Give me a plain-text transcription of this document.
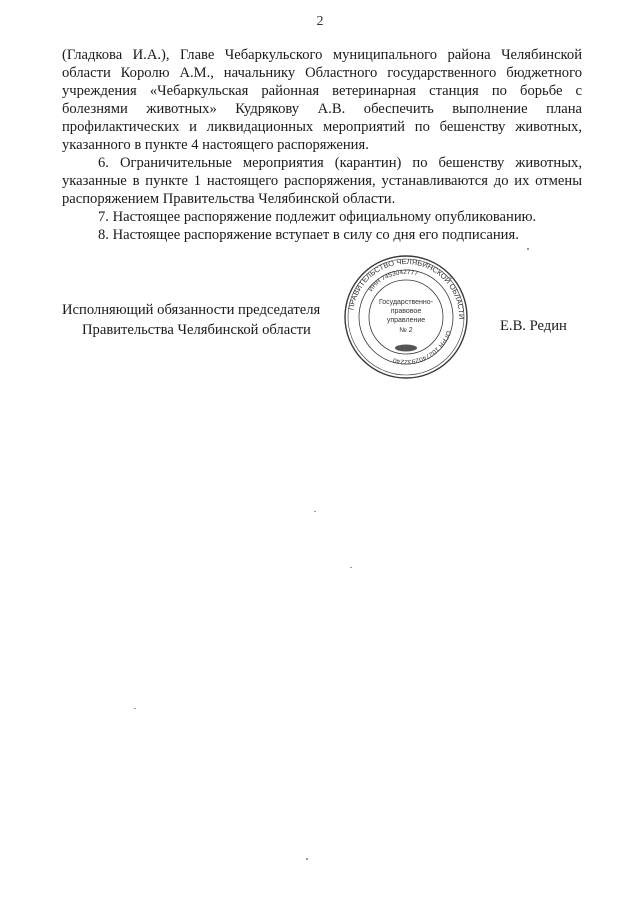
2

(Гладкова И.А.), Главе Чебаркульского муниципального района Челябинской области Королю А.М., начальнику Областного государственного бюджетного учреждения «Чебаркульская районная ветеринарная станция по борьбе с болезнями животных» Кудрякову А.В. обеспечить выполнение плана профилактических и ликвидационных мероприятий по бешенству животных, указанного в пункте 4 настоящего распоряжения.

6. Ограничительные мероприятия (карантин) по бешенству животных, указанные в пункте 1 настоящего распоряжения, устанавливаются до их отмены распоряжением Правительства Челябинской области.

7. Настоящее распоряжение подлежит официальному опубликованию.

8. Настоящее распоряжение вступает в силу со дня его подписания.

Исполняющий обязанности председателя
Правительства Челябинской области	Е.В. Редин
ПРАВИТЕЛЬСТВО ЧЕЛЯБИНСКОЙ ОБЛАСТИ
ОГРН 1027402932240
ИНН 7453042777
Государственно-
правовое
управление
№ 2
